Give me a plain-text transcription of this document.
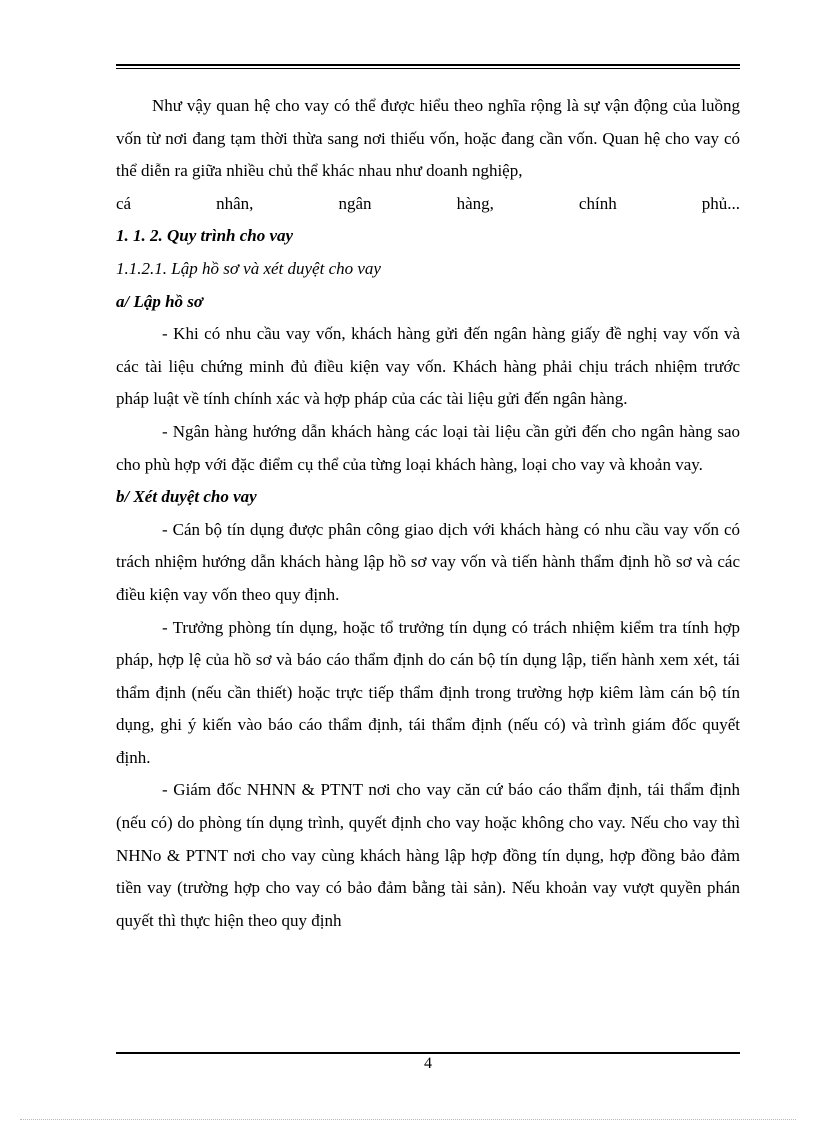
Như vậy quan hệ cho vay có thể được hiểu theo nghĩa rộng là sự vận động của luồng vốn từ nơi đang tạm thời thừa sang nơi thiếu vốn, hoặc đang cần vốn. Quan hệ cho vay có thể diễn ra giữa nhiều chủ thể khác nhau như doanh nghiệp,

cá nhân, ngân hàng, chính phủ...

1. 1. 2. Quy trình cho vay

1.1.2.1. Lập hồ sơ và xét duyệt cho vay

a/ Lập hồ sơ

- Khi có nhu cầu vay vốn, khách hàng gửi đến ngân hàng giấy đề nghị vay vốn và các tài liệu chứng minh đủ điều kiện vay vốn. Khách hàng phải chịu trách nhiệm trước pháp luật về tính chính xác và hợp pháp của các tài liệu gửi đến ngân hàng.

- Ngân hàng hướng dẫn khách hàng các loại tài liệu cần gửi đến cho ngân hàng sao cho phù hợp với đặc điểm cụ thể của từng loại khách hàng, loại cho vay và khoản vay.

b/ Xét duyệt cho vay

- Cán bộ tín dụng được phân công giao dịch với khách hàng có nhu cầu vay vốn có trách nhiệm hướng dẫn khách hàng lập hồ sơ vay vốn và tiến hành thẩm định hồ sơ và các điều kiện vay vốn theo quy định.

- Trưởng phòng tín dụng, hoặc tổ trưởng tín dụng có trách nhiệm kiểm tra tính hợp pháp, hợp lệ của hồ sơ và báo cáo thẩm định do cán bộ tín dụng lập, tiến hành xem xét, tái thẩm định (nếu cần thiết) hoặc trực tiếp thẩm định trong trường hợp kiêm làm cán bộ tín dụng, ghi ý kiến vào báo cáo thẩm định, tái thẩm định (nếu có) và trình giám đốc quyết định.

- Giám đốc NHNN & PTNT nơi cho vay căn cứ báo cáo thẩm định, tái thẩm định (nếu có) do phòng tín dụng trình, quyết định cho vay hoặc không cho vay. Nếu cho vay thì NHNo & PTNT nơi cho vay cùng khách hàng lập hợp đồng tín dụng, hợp đồng bảo đảm tiền vay (trường hợp cho vay có bảo đảm bằng tài sản). Nếu khoản vay vượt quyền phán quyết thì thực hiện theo quy định

4
